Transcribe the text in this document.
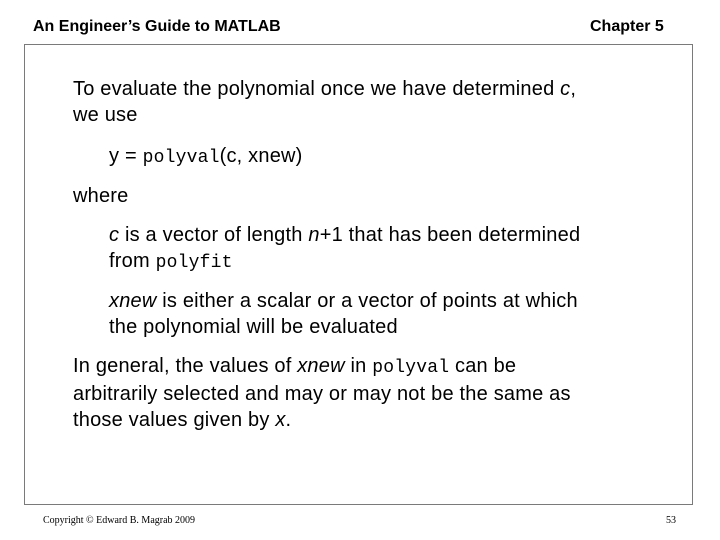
An Engineer’s Guide to MATLAB	Chapter 5
To evaluate the polynomial once we have determined c,
we use
y = polyval(c, xnew)
where
c is a vector of length n+1 that has been determined
from polyfit
xnew is either a scalar or a vector of points at which
the polynomial will be evaluated
In general, the values of xnew in polyval can be
arbitrarily selected and may or may not be the same as
those values given by x.
Copyright © Edward B. Magrab 2009	53
